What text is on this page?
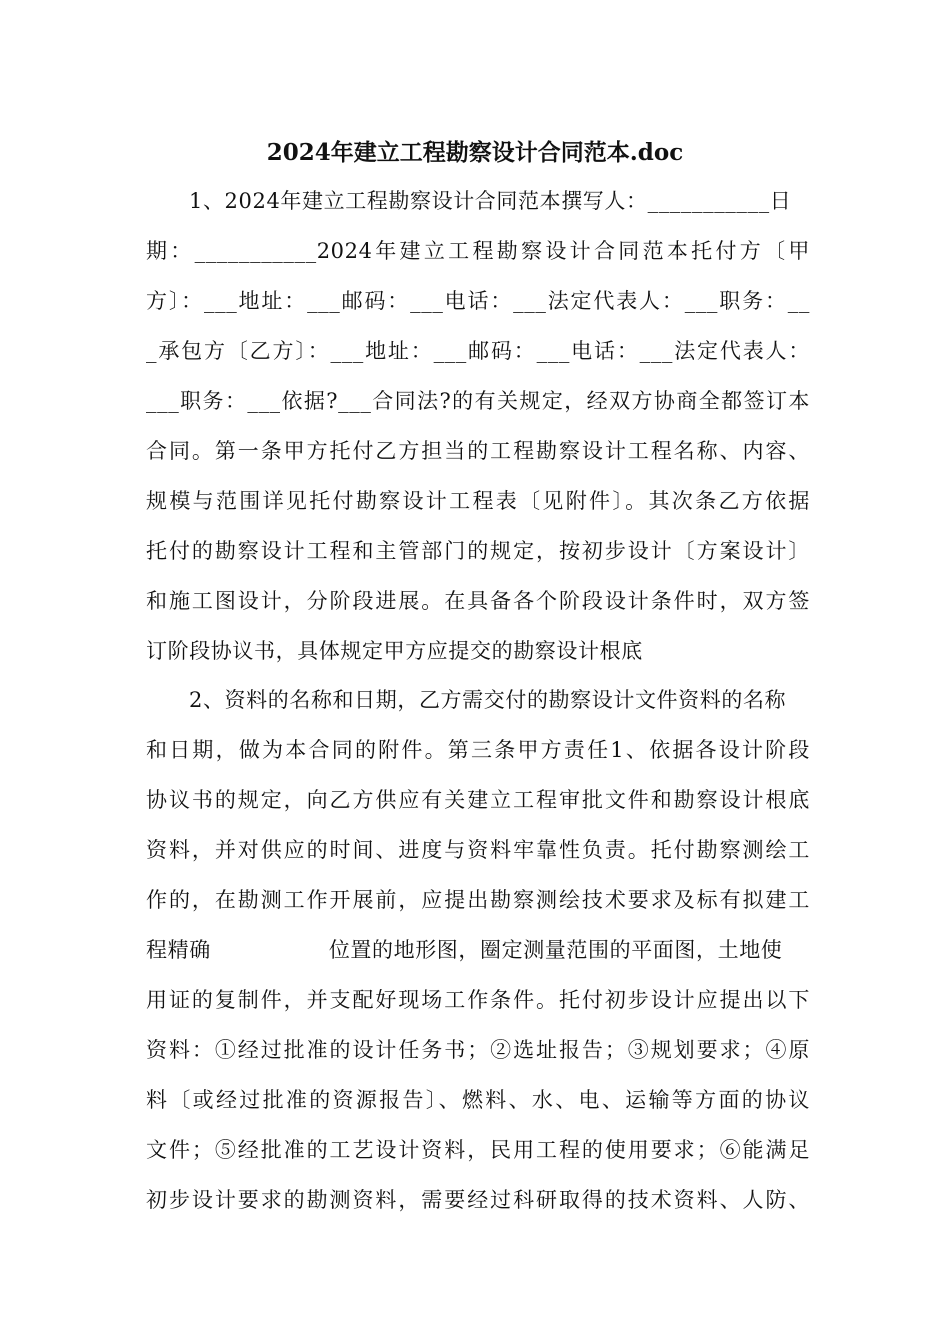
2024年建立工程勘察设计合同范本.doc
1、2024年建立工程勘察设计合同范本撰写人：___________日
期：___________2024年建立工程勘察设计合同范本托付方〔甲
方〕：___地址：___邮码：___电话：___法定代表人：___职务：__
_承包方〔乙方〕：___地址：___邮码：___电话：___法定代表人：
___职务：___依据?___合同法?的有关规定，经双方协商全都签订本
合同。第一条甲方托付乙方担当的工程勘察设计工程名称、内容、
规模与范围详见托付勘察设计工程表〔见附件〕。其次条乙方依据
托付的勘察设计工程和主管部门的规定，按初步设计〔方案设计〕
和施工图设计，分阶段进展。在具备各个阶段设计条件时，双方签
订阶段协议书，具体规定甲方应提交的勘察设计根底
2、资料的名称和日期，乙方需交付的勘察设计文件资料的名称
和日期，做为本合同的附件。第三条甲方责任1、依据各设计阶段
协议书的规定，向乙方供应有关建立工程审批文件和勘察设计根底
资料，并对供应的时间、进度与资料牢靠性负责。托付勘察测绘工
作的，在勘测工作开展前，应提出勘察测绘技术要求及标有拟建工
程精确	位置的地形图，圈定测量范围的平面图，土地使
用证的复制件，并支配好现场工作条件。托付初步设计应提出以下
资料：①经过批准的设计任务书；②选址报告；③规划要求；④原
料〔或经过批准的资源报告〕、燃料、水、电、运输等方面的协议
文件；⑤经批准的工艺设计资料，民用工程的使用要求；⑥能满足
初步设计要求的勘测资料，需要经过科研取得的技术资料、人防、
